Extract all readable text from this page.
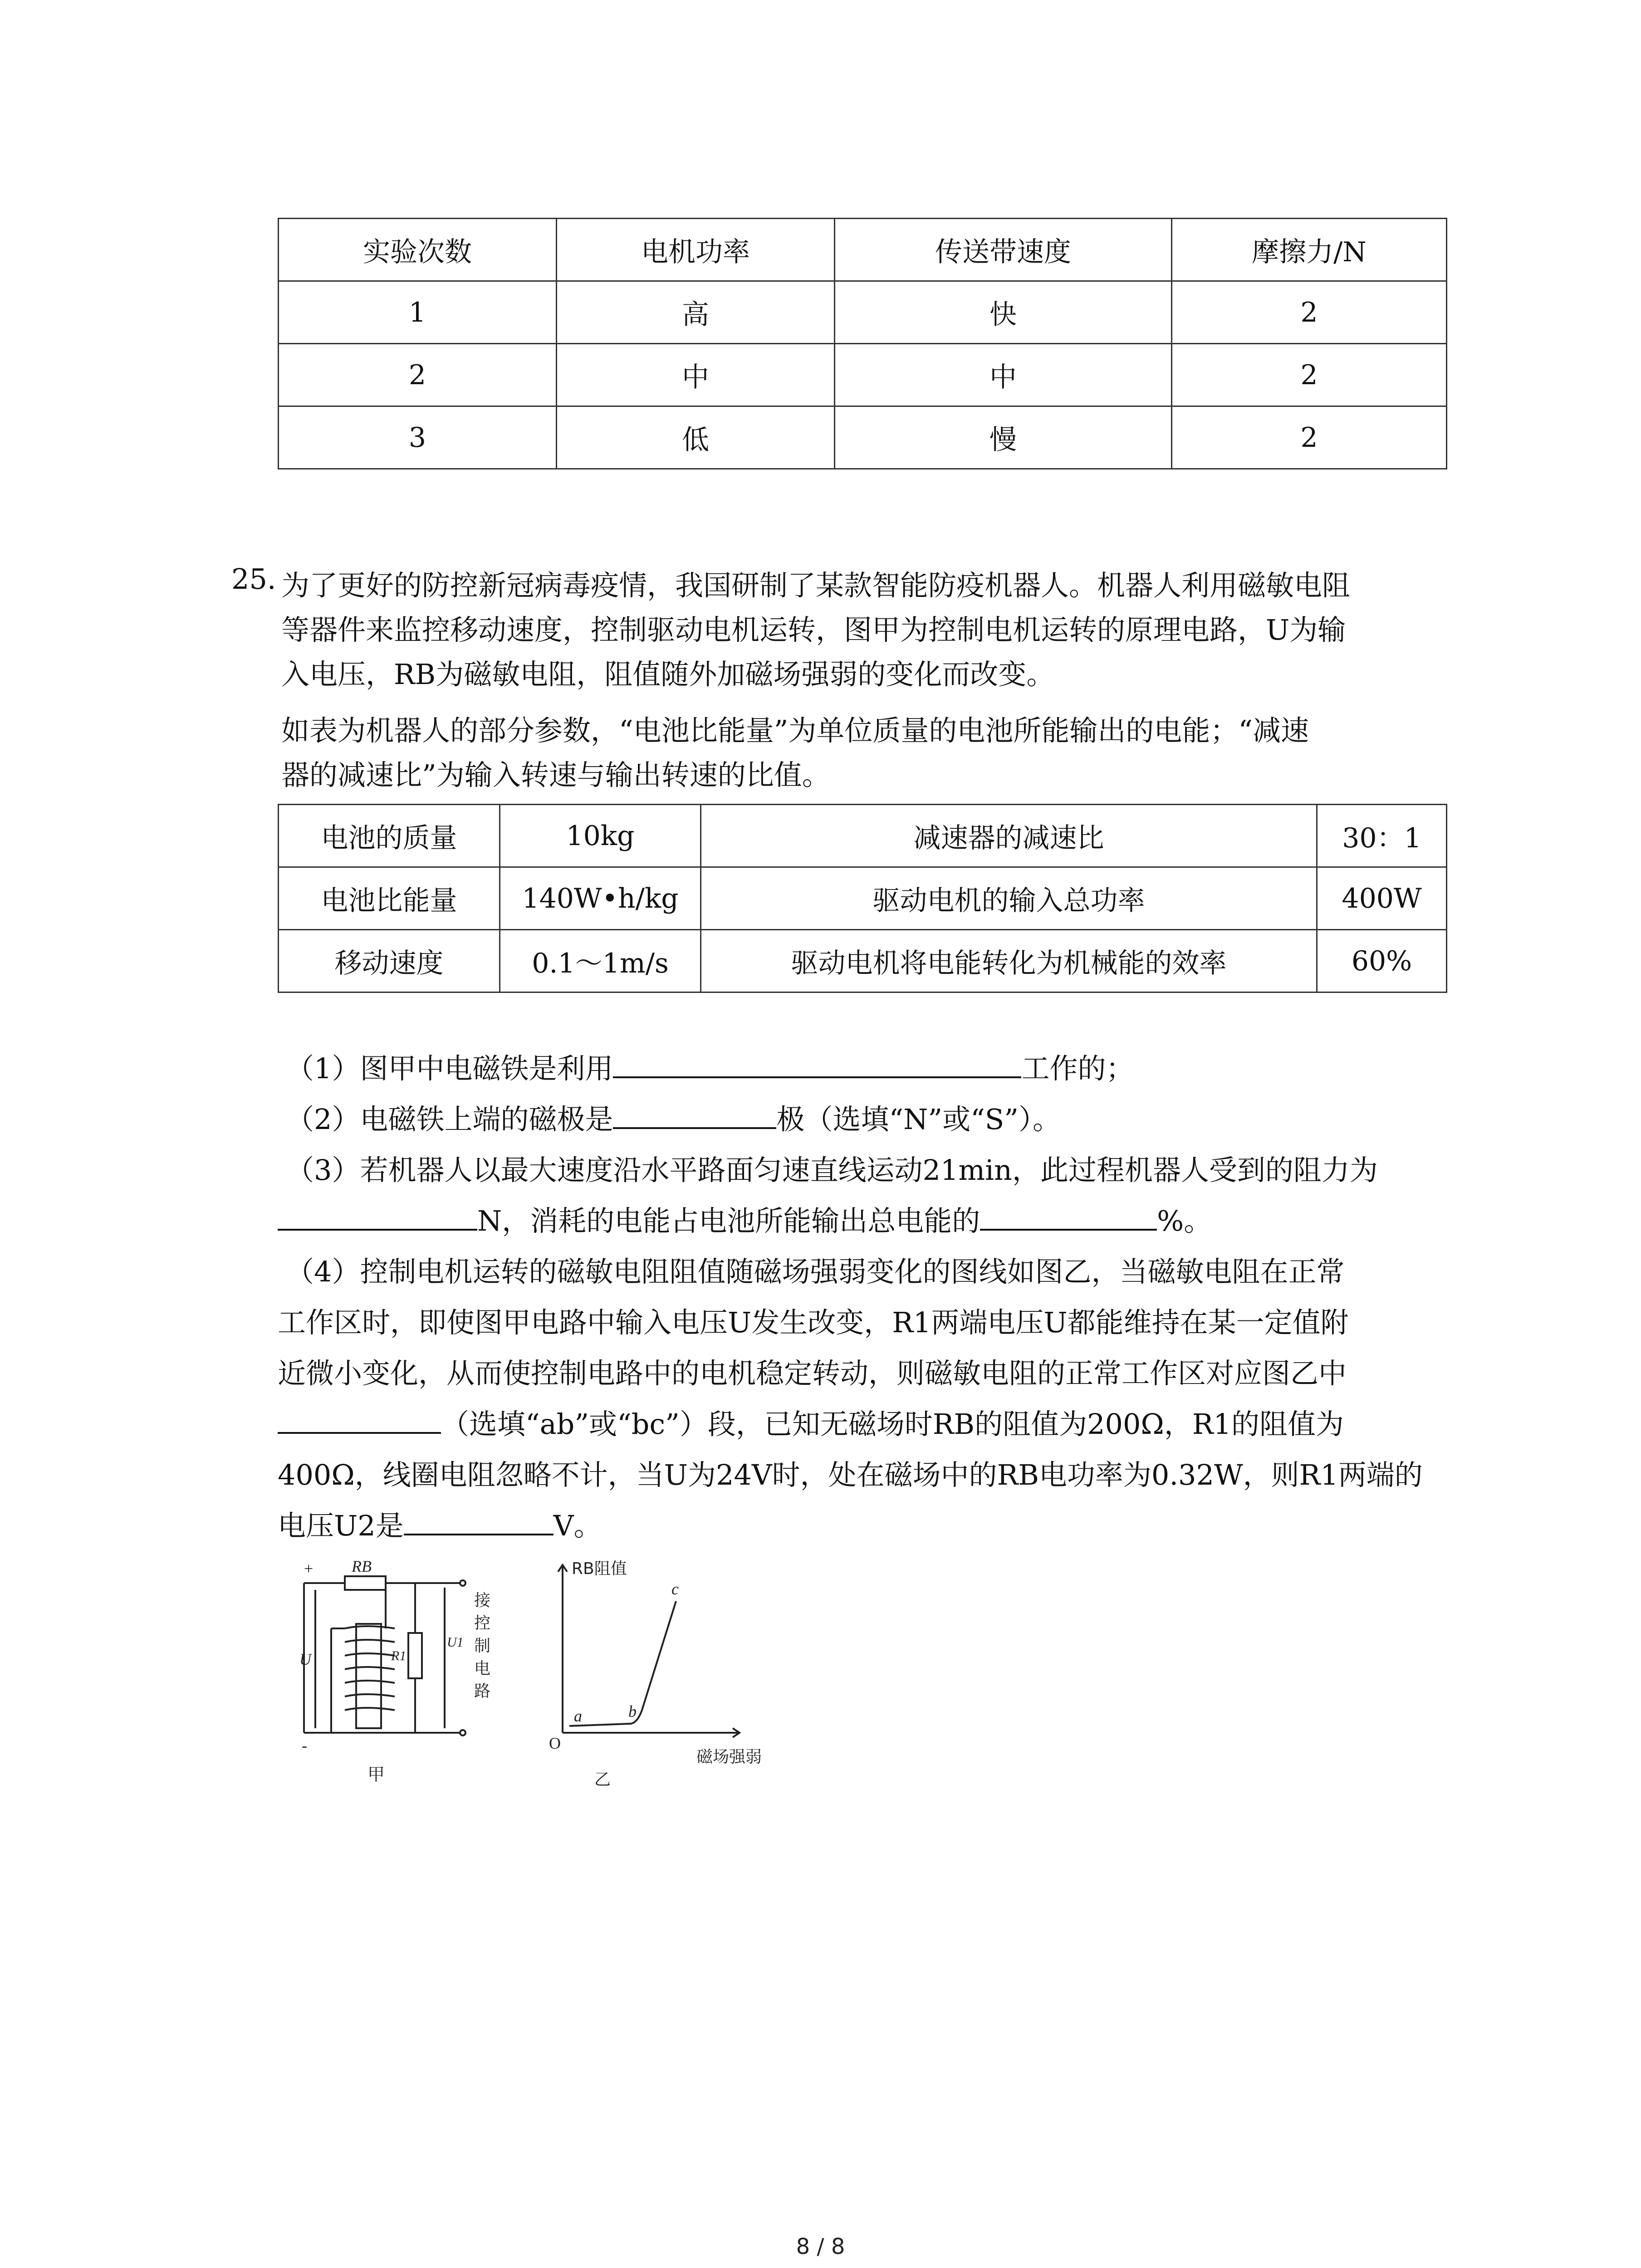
实验次数	电机功率	传送带速度	摩擦力/N
1	高	快	2
2	中	中	2
3	低	慢	2
25. 为了更好的防控新冠病毒疫情，我国研制了某款智能防疫机器人。机器人利用磁敏电阻
等器件来监控移动速度，控制驱动电机运转，图甲为控制电机运转的原理电路，U为输
入电压，RB为磁敏电阻，阻值随外加磁场强弱的变化而改变。
如表为机器人的部分参数，“电池比能量”为单位质量的电池所能输出的电能；“减速
器的减速比”为输入转速与输出转速的比值。
电池的质量	10kg	减速器的减速比	30：1
电池比能量	140W•h/kg	驱动电机的输入总功率	400W
移动速度	0.1～1m/s	驱动电机将电能转化为机械能的效率	60%
（1）图甲中电磁铁是利用	工作的；
（2）电磁铁上端的磁极是	极（选填“N”或“S”）。
（3）若机器人以最大速度沿水平路面匀速直线运动21min，此过程机器人受到的阻力为
N，消耗的电能占电池所能输出总电能的	%。
（4）控制电机运转的磁敏电阻阻值随磁场强弱变化的图线如图乙，当磁敏电阻在正常
工作区时，即使图甲电路中输入电压U发生改变，R1两端电压U都能维持在某一定值附
近微小变化，从而使控制电路中的电机稳定转动，则磁敏电阻的正常工作区对应图乙中
（选填“ab”或“bc”）段，已知无磁场时RB的阻值为200Ω，R1的阻值为
400Ω，线圈电阻忽略不计，当U为24V时，处在磁场中的RB电功率为0.32W，则R1两端的
电压U2是	V。
+
-
RB
U	R1
U1
甲
接
控
制
电
路
RB阻值
磁场强弱
O
a	b
c
乙
8 / 8
